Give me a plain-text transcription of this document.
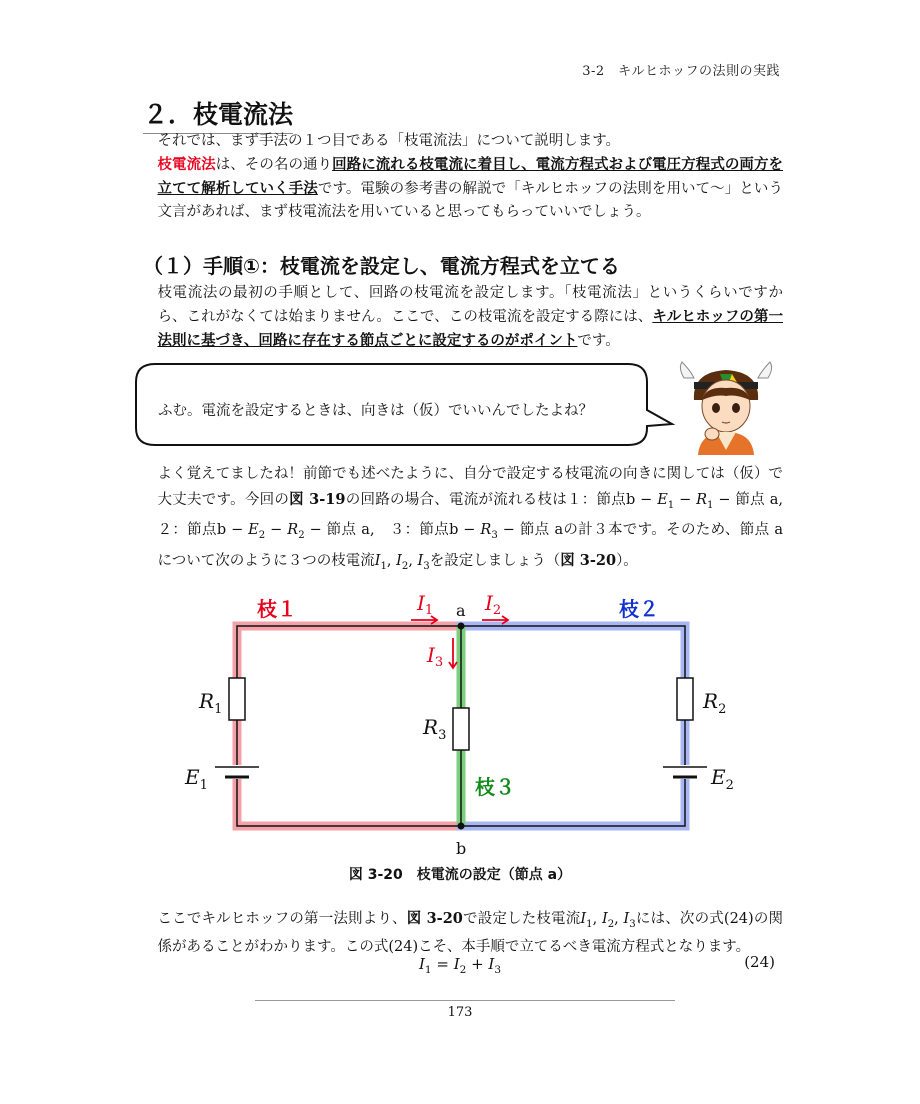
3-2　キルヒホッフの法則の実践
２．枝電流法
それでは、まず手法の１つ目である「枝電流法」について説明します。
枝電流法は、その名の通り回路に流れる枝電流に着目し、電流方程式および電圧方程式の両方を立てて解析していく手法です。電験の参考書の解説で「キルヒホッフの法則を用いて〜」という文言があれば、まず枝電流法を用いていると思ってもらっていいでしょう。
（１）手順①：枝電流を設定し、電流方程式を立てる
枝電流法の最初の手順として、回路の枝電流を設定します。「枝電流法」というくらいですから、これがなくては始まりません。ここで、この枝電流を設定する際には、キルヒホッフの第一法則に基づき、回路に存在する節点ごとに設定するのがポイントです。
ふむ。電流を設定するときは、向きは（仮）でいいんでしたよね？
よく覚えてましたね！前節でも述べたように、自分で設定する枝電流の向きに関しては（仮）で大丈夫です。今回の図 3-19の回路の場合、電流が流れる枝は１：節点$b - E_1 - R_1$ − 節点 a,　２：節点$b - E_2 - R_2$ − 節点 a,　３：節点$b - R_3$ − 節点 aの計３本です。そのため、節点 a について次のように３つの枝電流$I_1$, $I_2$, $I_3$を設定しましょう（図 3-20）。
枝１	枝２
枝３
a
b
$I_1$	$I_2$
$I_3$
$R_1$
$R_3$
$R_2$
$E_1$	$E_2$
図 3-20　枝電流の設定（節点 a）
ここでキルヒホッフの第一法則より、図 3-20で設定した枝電流$I_1$, $I_2$, $I_3$には、次の式(24)の関係があることがわかります。この式(24)こそ、本手順で立てるべき電流方程式となります。
$I_1 = I_2 + I_3$	(24)
173
